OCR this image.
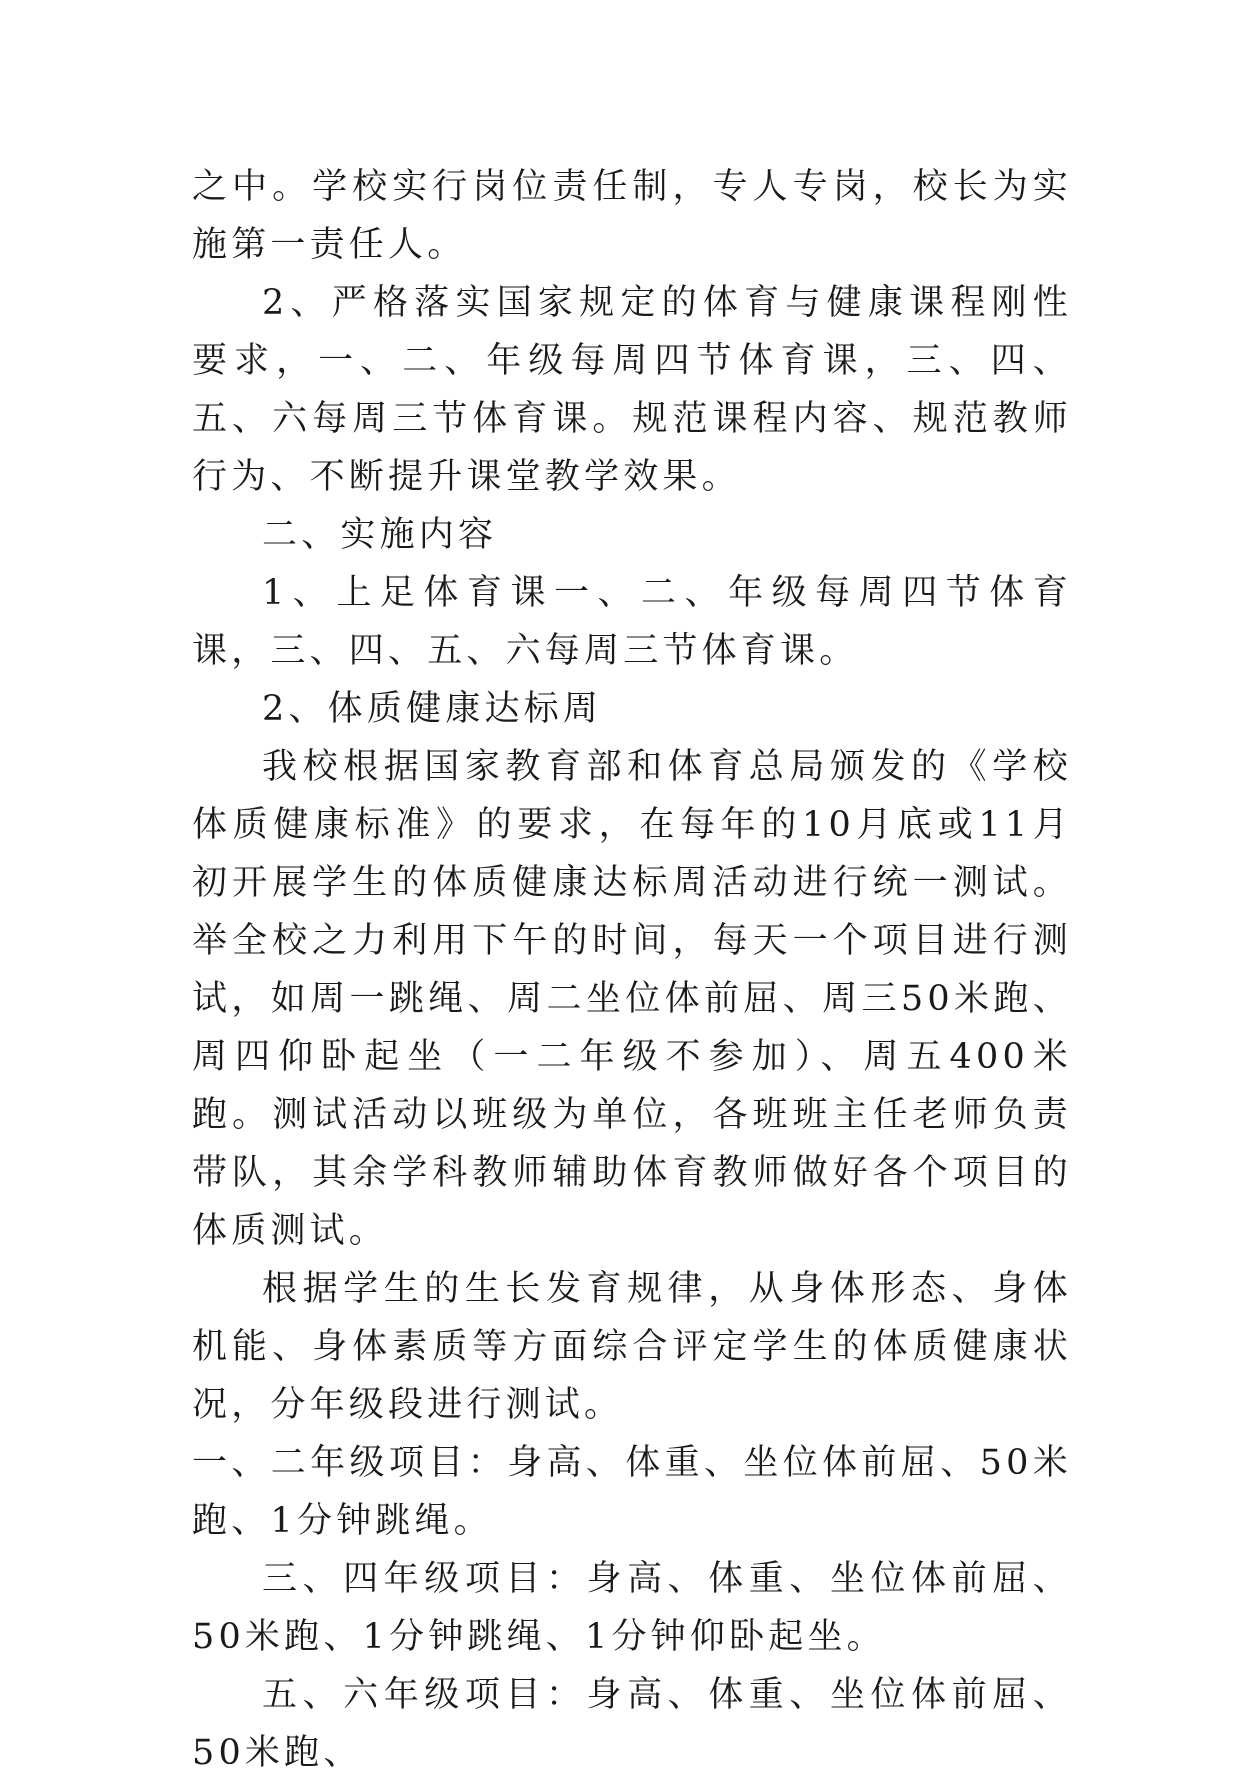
之中。学校实行岗位责任制，专人专岗，校长为实施第一责任人。

2、严格落实国家规定的体育与健康课程刚性要求，一、二、年级每周四节体育课，三、四、五、六每周三节体育课。规范课程内容、规范教师行为、不断提升课堂教学效果。

二、实施内容

1、上足体育课一、二、年级每周四节体育课，三、四、五、六每周三节体育课。

2、体质健康达标周

我校根据国家教育部和体育总局颁发的《学校体质健康标准》的要求，在每年的10月底或11月初开展学生的体质健康达标周活动进行统一测试。举全校之力利用下午的时间，每天一个项目进行测试，如周一跳绳、周二坐位体前屈、周三50米跑、周四仰卧起坐（一二年级不参加）、周五400米跑。测试活动以班级为单位，各班班主任老师负责带队，其余学科教师辅助体育教师做好各个项目的体质测试。

根据学生的生长发育规律，从身体形态、身体机能、身体素质等方面综合评定学生的体质健康状况，分年级段进行测试。

一、二年级项目：身高、体重、坐位体前屈、50米跑、1分钟跳绳。

三、四年级项目：身高、体重、坐位体前屈、50米跑、1分钟跳绳、1分钟仰卧起坐。

五、六年级项目：身高、体重、坐位体前屈、50米跑、
